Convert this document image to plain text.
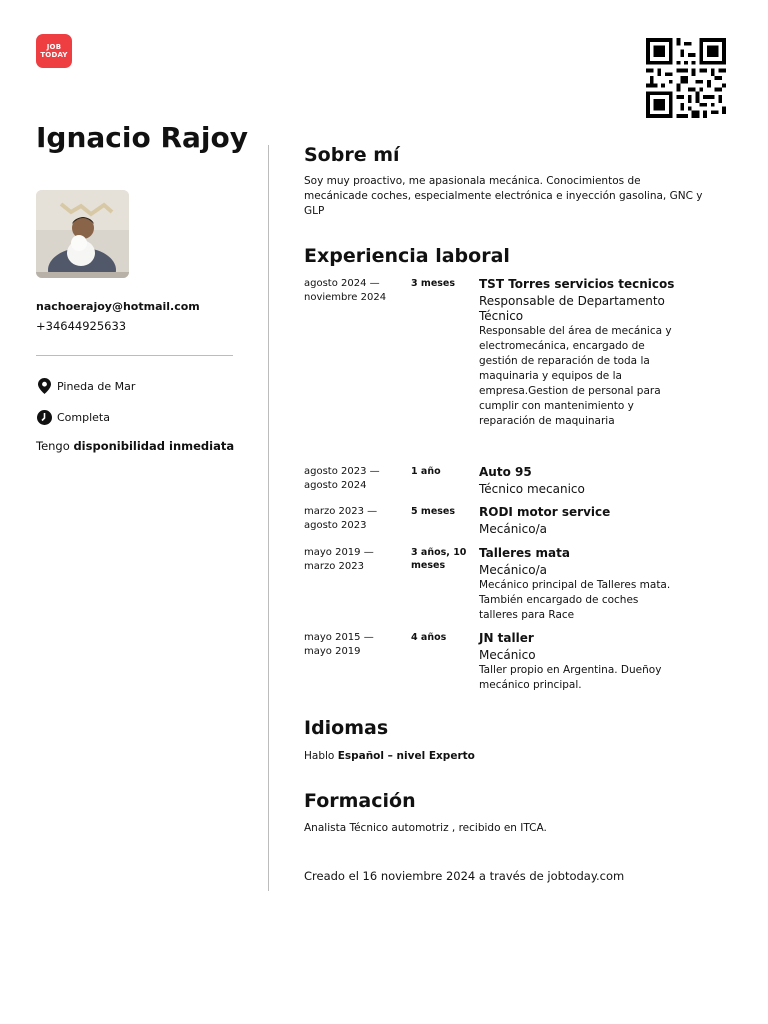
JOB
TODAY
Ignacio Rajoy
nachoerajoy@hotmail.com
+34644925633
Pineda de Mar
Completa
Tengo disponibilidad inmediata
Sobre mí
Soy muy proactivo, me apasionala mecánica. Conocimientos de mecánicade coches, especialmente electrónica e inyección gasolina, GNC y GLP
Experiencia laboral
agosto 2024 — noviembre 2024
3 meses	TST Torres servicios tecnicos
Responsable de Departamento Técnico
Responsable del área de mecánica y electromecánica, encargado de gestión de reparación de toda la maquinaria y equipos de la empresa.Gestion de personal para cumplir con mantenimiento y reparación de maquinaria
agosto 2023 — agosto 2024
1 año	Auto 95
Técnico mecanico
marzo 2023 — agosto 2023
5 meses	RODI motor service
Mecánico/a
mayo 2019 — marzo 2023
3 años, 10 meses
Talleres mata
Mecánico/a
Mecánico principal de Talleres mata. También encargado de coches talleres para Race
mayo 2015 — mayo 2019
4 años	JN taller
Mecánico
Taller propio en Argentina. Dueñoy mecánico principal.
Idiomas
Hablo Español – nivel Experto
Formación
Analista Técnico automotriz , recibido en ITCA.
Creado el 16 noviembre 2024 a través de jobtoday.com
